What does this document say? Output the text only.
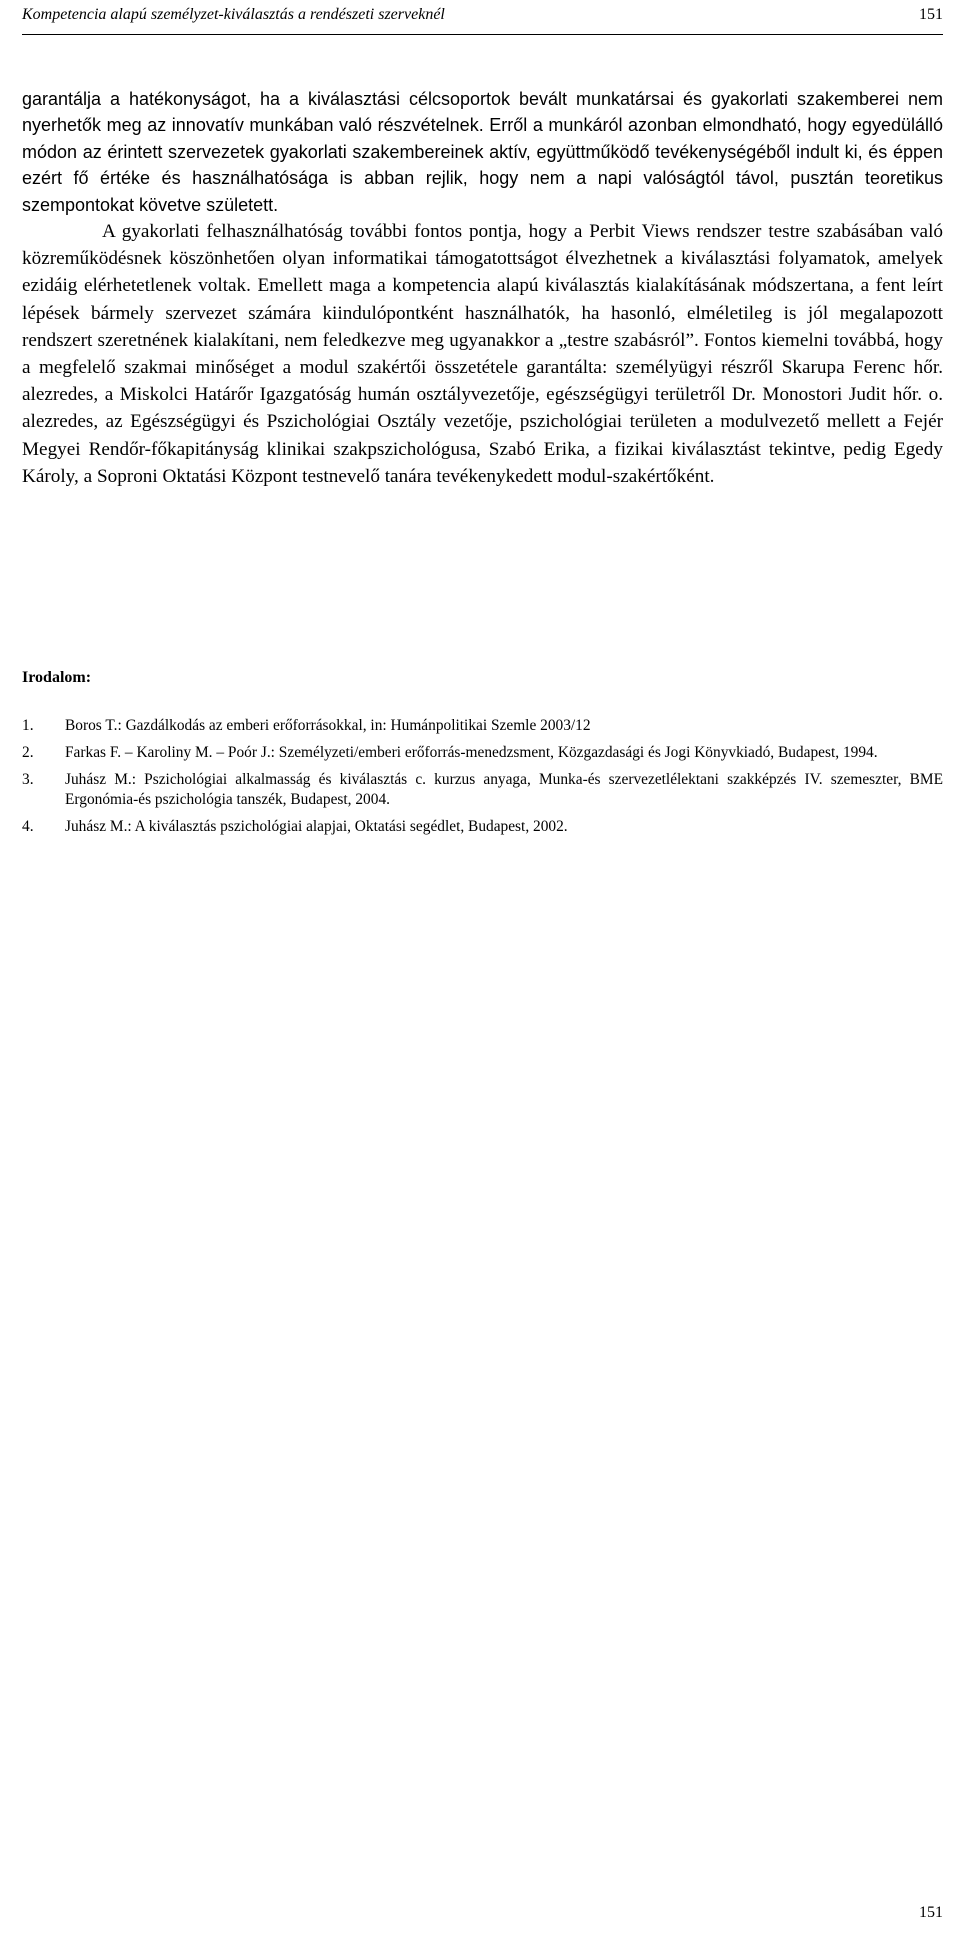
Kompetencia alapú személyzet-kiválasztás a rendészeti szerveknél	151

garantálja a hatékonyságot, ha a kiválasztási célcsoportok bevált munkatársai és gyakorlati szakemberei nem nyerhetők meg az innovatív munkában való részvételnek. Erről a munkáról azonban elmondható, hogy egyedülálló módon az érintett szervezetek gyakorlati szakembereinek aktív, együttműködő tevékenységéből indult ki, és éppen ezért fő értéke és használhatósága is abban rejlik, hogy nem a napi valóságtól távol, pusztán teoretikus szempontokat követve született.

A gyakorlati felhasználhatóság további fontos pontja, hogy a Perbit Views rendszer testre szabásában való közreműködésnek köszönhetően olyan informatikai támogatottságot élvezhetnek a kiválasztási folyamatok, amelyek ezidáig elérhetetlenek voltak. Emellett maga a kompetencia alapú kiválasztás kialakításának módszertana, a fent leírt lépések bármely szervezet számára kiindulópontként használhatók, ha hasonló, elméletileg is jól megalapozott rendszert szeretnének kialakítani, nem feledkezve meg ugyanakkor a „testre szabásról”. Fontos kiemelni továbbá, hogy a megfelelő szakmai minőséget a modul szakértői összetétele garantálta: személyügyi részről Skarupa Ferenc hőr. alezredes, a Miskolci Határőr Igazgatóság humán osztályvezetője, egészségügyi területről Dr. Monostori Judit hőr. o. alezredes, az Egészségügyi és Pszichológiai Osztály vezetője, pszichológiai területen a modulvezető mellett a Fejér Megyei Rendőr-főkapitányság klinikai szakpszichológusa, Szabó Erika, a fizikai kiválasztást tekintve, pedig Egedy Károly, a Soproni Oktatási Központ testnevelő tanára tevékenykedett modul-szakértőként.

Irodalom:
1. Boros T.: Gazdálkodás az emberi erőforrásokkal, in: Humánpolitikai Szemle 2003/12
2. Farkas F. – Karoliny M. – Poór J.: Személyzeti/emberi erőforrás-menedzsment, Közgazdasági és Jogi Könyvkiadó, Budapest, 1994.
3. Juhász M.: Pszichológiai alkalmasság és kiválasztás c. kurzus anyaga, Munka-és szervezetlélektani szakképzés IV. szemeszter, BME Ergonómia-és pszichológia tanszék, Budapest, 2004.
4. Juhász M.: A kiválasztás pszichológiai alapjai, Oktatási segédlet, Budapest, 2002.
151
